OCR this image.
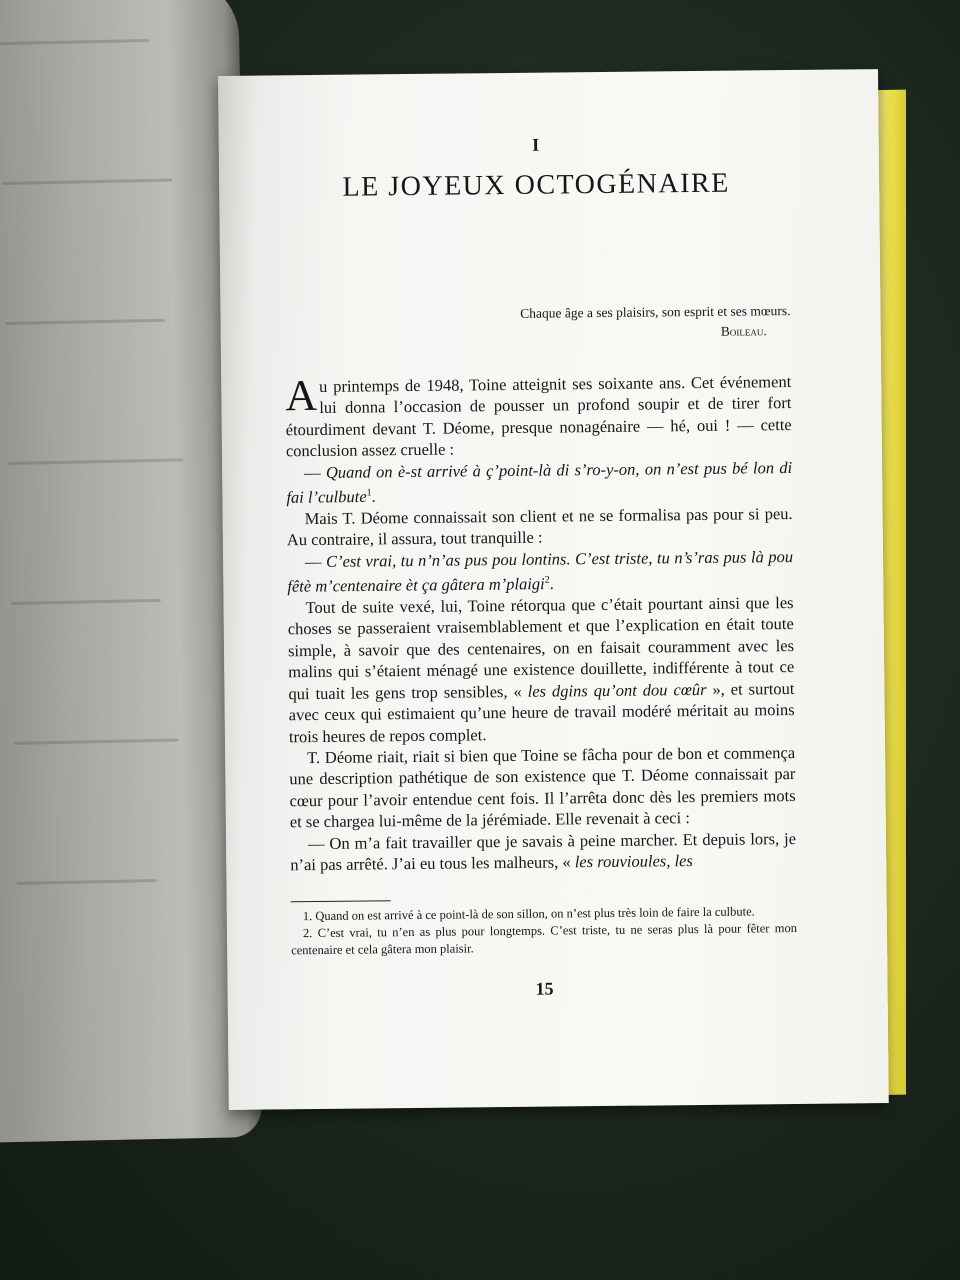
I
LE JOYEUX OCTOGÉNAIRE
Chaque âge a ses plaisirs, son esprit et ses mœurs.
Boileau.

Au printemps de 1948, Toine atteignit ses soixante ans. Cet événement lui donna l’occasion de pousser un profond soupir et de tirer fort étourdiment devant T. Déome, presque nonagénaire — hé, oui ! — cette conclusion assez cruelle :

— Quand on è-st arrivé à ç’point-là di s’ro-y-on, on n’est pus bé lon di fai l’culbute$^1$.

Mais T. Déome connaissait son client et ne se formalisa pas pour si peu. Au contraire, il assura, tout tranquille :

— C’est vrai, tu n’n’as pus pou lontins. C’est triste, tu n’s’ras pus là pou fêtè m’centenaire èt ça gâtera m’plaigi$^2$.

Tout de suite vexé, lui, Toine rétorqua que c’était pourtant ainsi que les choses se passeraient vraisemblablement et que l’explication en était toute simple, à savoir que des centenaires, on en faisait couramment avec les malins qui s’étaient ménagé une existence douillette, indifférente à tout ce qui tuait les gens trop sensibles, « les dgins qu’ont dou cœûr », et surtout avec ceux qui estimaient qu’une heure de travail modéré méritait au moins trois heures de repos complet.

T. Déome riait, riait si bien que Toine se fâcha pour de bon et commença une description pathétique de son existence que T. Déome connaissait par cœur pour l’avoir entendue cent fois. Il l’arrêta donc dès les premiers mots et se chargea lui-même de la jérémiade. Elle revenait à ceci :

— On m’a fait travailler que je savais à peine marcher. Et depuis lors, je n’ai pas arrêté. J’ai eu tous les malheurs, « les rouvioules, les

1. Quand on est arrivé à ce point-là de son sillon, on n’est plus très loin de faire la culbute.

2. C’est vrai, tu n’en as plus pour longtemps. C’est triste, tu ne seras plus là pour fêter mon centenaire et cela gâtera mon plaisir.

15
